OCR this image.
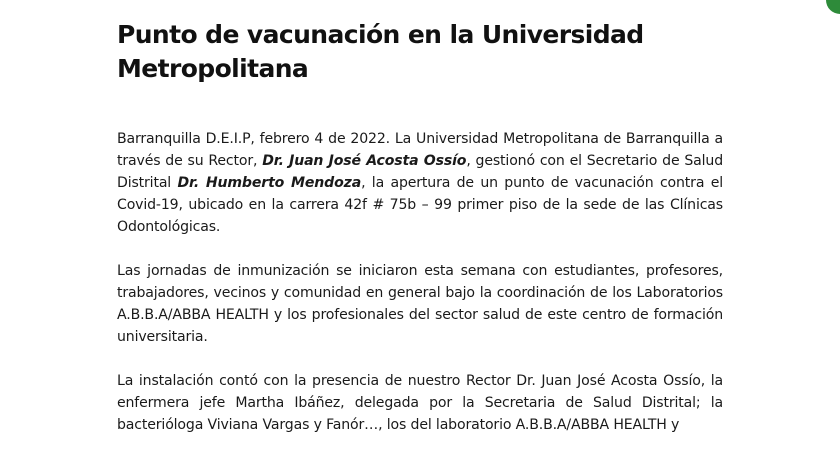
Punto de vacunación en la Universidad Metropolitana

Barranquilla D.E.I.P, febrero 4 de 2022. La Universidad Metropolitana de Barranquilla a través de su Rector, Dr. Juan José Acosta Ossío, gestionó con el Secretario de Salud Distrital Dr. Humberto Mendoza, la apertura de un punto de vacunación contra el Covid-19, ubicado en la carrera 42f # 75b – 99 primer piso de la sede de las Clínicas Odontológicas.

Las jornadas de inmunización se iniciaron esta semana con estudiantes, profesores, trabajadores, vecinos y comunidad en general bajo la coordinación de los Laboratorios A.B.B.A/ABBA HEALTH y los profesionales del sector salud de este centro de formación universitaria.

La instalación contó con la presencia de nuestro Rector Dr. Juan José Acosta Ossío, la enfermera jefe Martha Ibáñez, delegada por la Secretaria de Salud Distrital; la bacterióloga Viviana Vargas y Fanór…, los del laboratorio A.B.B.A/ABBA HEALTH y
